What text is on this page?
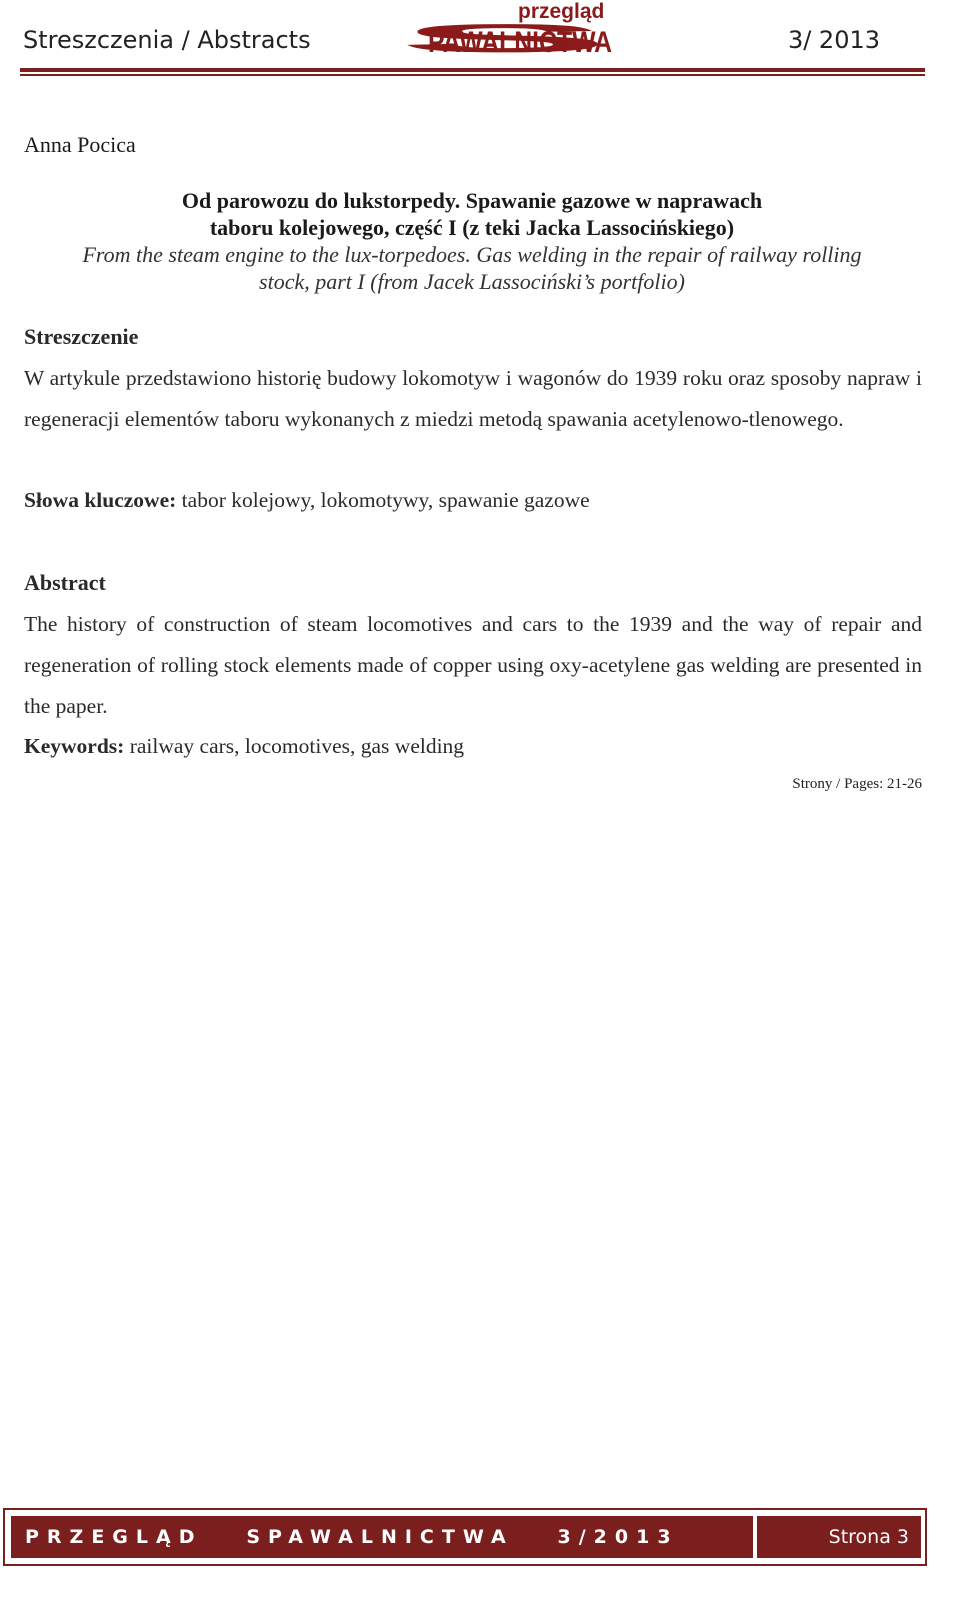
Streszczenia / Abstracts
przegląd
S
PAWALNICTWA	3/ 2013
Anna Pocica
Od parowozu do lukstorpedy. Spawanie gazowe w naprawach
taboru kolejowego, część I (z teki Jacka Lassocińskiego)
From the steam engine to the lux-torpedoes. Gas welding in the repair of railway rolling
stock, part I (from Jacek Lassociński’s portfolio)
Streszczenie
W artykule przedstawiono historię budowy lokomotyw i wagonów do 1939 roku oraz sposoby napraw i regeneracji elementów taboru wykonanych z miedzi metodą spawania acetylenowo-tlenowego.
Słowa kluczowe: tabor kolejowy, lokomotywy, spawanie gazowe
Abstract
The history of construction of steam locomotives and cars to the 1939 and the way of repair and regeneration of rolling stock elements made of copper using oxy-acetylene gas welding are presented in the paper.
Keywords: railway cars, locomotives, gas welding
Strony / Pages: 21-26
PRZEGLĄD   SPAWALNICTWA   3/2013	Strona 3
